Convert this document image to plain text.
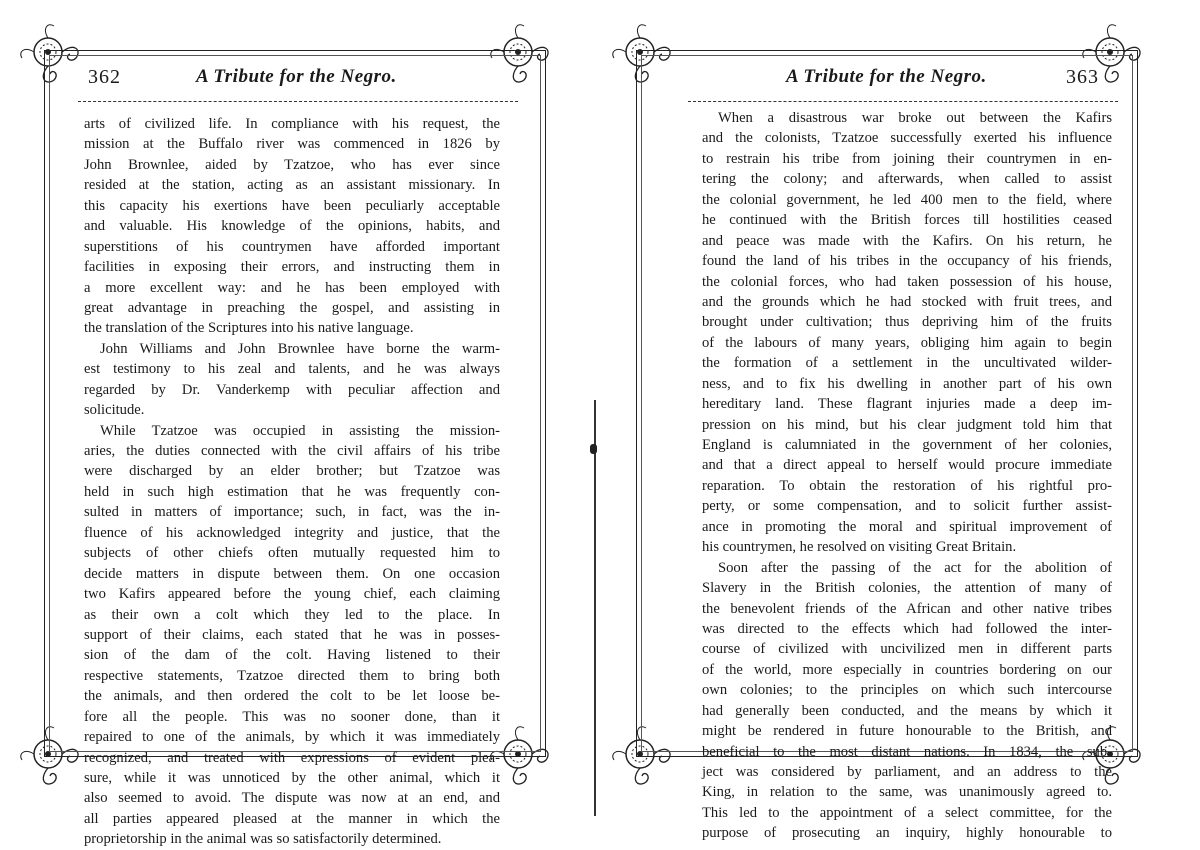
362	A Tribute for the Negro.
arts of civilized life. In compliance with his request, the
mission at the Buffalo river was commenced in 1826 by
John Brownlee, aided by Tzatzoe, who has ever since
resided at the station, acting as an assistant missionary. In
this capacity his exertions have been peculiarly acceptable
and valuable. His knowledge of the opinions, habits, and
superstitions of his countrymen have afforded important
facilities in exposing their errors, and instructing them in
a more excellent way: and he has been employed with
great advantage in preaching the gospel, and assisting in
the translation of the Scriptures into his native language.
John Williams and John Brownlee have borne the warm-
est testimony to his zeal and talents, and he was always
regarded by Dr. Vanderkemp with peculiar affection and
solicitude.
While Tzatzoe was occupied in assisting the mission-
aries, the duties connected with the civil affairs of his tribe
were discharged by an elder brother; but Tzatzoe was
held in such high estimation that he was frequently con-
sulted in matters of importance; such, in fact, was the in-
fluence of his acknowledged integrity and justice, that the
subjects of other chiefs often mutually requested him to
decide matters in dispute between them. On one occasion
two Kafirs appeared before the young chief, each claiming
as their own a colt which they led to the place. In
support of their claims, each stated that he was in posses-
sion of the dam of the colt. Having listened to their
respective statements, Tzatzoe directed them to bring both
the animals, and then ordered the colt to be let loose be-
fore all the people. This was no sooner done, than it
repaired to one of the animals, by which it was immediately
recognized, and treated with expressions of evident plea-
sure, while it was unnoticed by the other animal, which it
also seemed to avoid. The dispute was now at an end, and
all parties appeared pleased at the manner in which the
proprietorship in the animal was so satisfactorily determined.
A Tribute for the Negro.	363
When a disastrous war broke out between the Kafirs
and the colonists, Tzatzoe successfully exerted his influence
to restrain his tribe from joining their countrymen in en-
tering the colony; and afterwards, when called to assist
the colonial government, he led 400 men to the field, where
he continued with the British forces till hostilities ceased
and peace was made with the Kafirs. On his return, he
found the land of his tribes in the occupancy of his friends,
the colonial forces, who had taken possession of his house,
and the grounds which he had stocked with fruit trees, and
brought under cultivation; thus depriving him of the fruits
of the labours of many years, obliging him again to begin
the formation of a settlement in the uncultivated wilder-
ness, and to fix his dwelling in another part of his own
hereditary land. These flagrant injuries made a deep im-
pression on his mind, but his clear judgment told him that
England is calumniated in the government of her colonies,
and that a direct appeal to herself would procure immediate
reparation. To obtain the restoration of his rightful pro-
perty, or some compensation, and to solicit further assist-
ance in promoting the moral and spiritual improvement of
his countrymen, he resolved on visiting Great Britain.
Soon after the passing of the act for the abolition of
Slavery in the British colonies, the attention of many of
the benevolent friends of the African and other native tribes
was directed to the effects which had followed the inter-
course of civilized with uncivilized men in different parts
of the world, more especially in countries bordering on our
own colonies; to the principles on which such intercourse
had generally been conducted, and the means by which it
might be rendered in future honourable to the British, and
beneficial to the most distant nations. In 1834, the sub-
ject was considered by parliament, and an address to the
King, in relation to the same, was unanimously agreed to.
This led to the appointment of a select committee, for the
purpose of prosecuting an inquiry, highly honourable to
